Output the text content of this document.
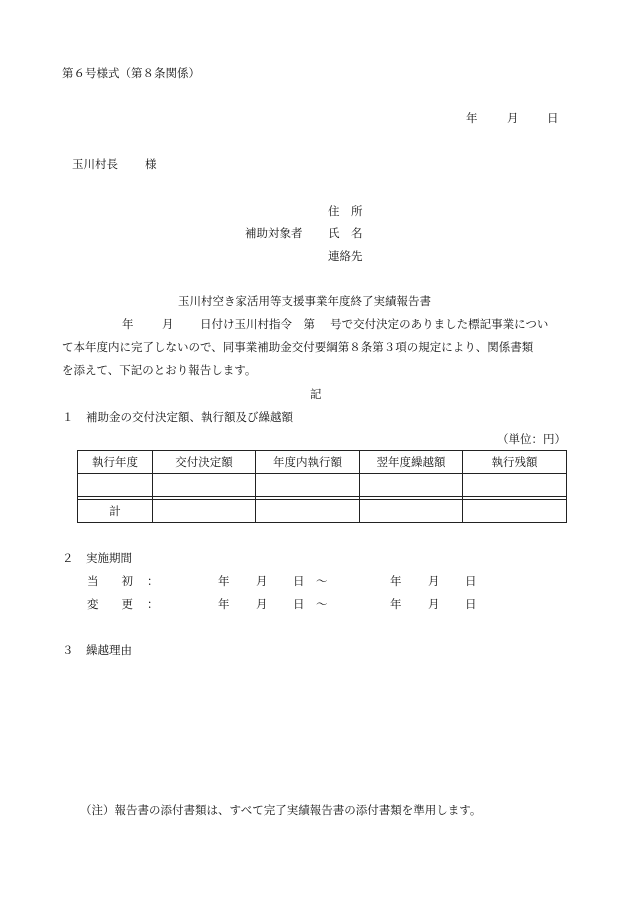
第６号様式（第８条関係）
年	月 日
玉川村長 様
住　所
補助対象者 氏　名
連絡先
玉川村空き家活用等支援事業年度終了実績報告書
年 月 日付け玉川村指令　第　 号で交付決定のありました標記事業につい
て本年度内に完了しないので、同事業補助金交付要綱第８条第３項の規定により、関係書類
を添えて、下記のとおり報告します。
記
１ 補助金の交付決定額、執行額及び繰越額
（単位：円）
執行年度	交付決定額	年度内執行額	翌年度繰越額	執行残額

計				
２ 実施期間
当　　初 ：	年 月 日 ～	年 月 日
変　　更 ：	年 月 日 ～	年 月 日
３ 繰越理由
（注）報告書の添付書類は、すべて完了実績報告書の添付書類を準用します。
